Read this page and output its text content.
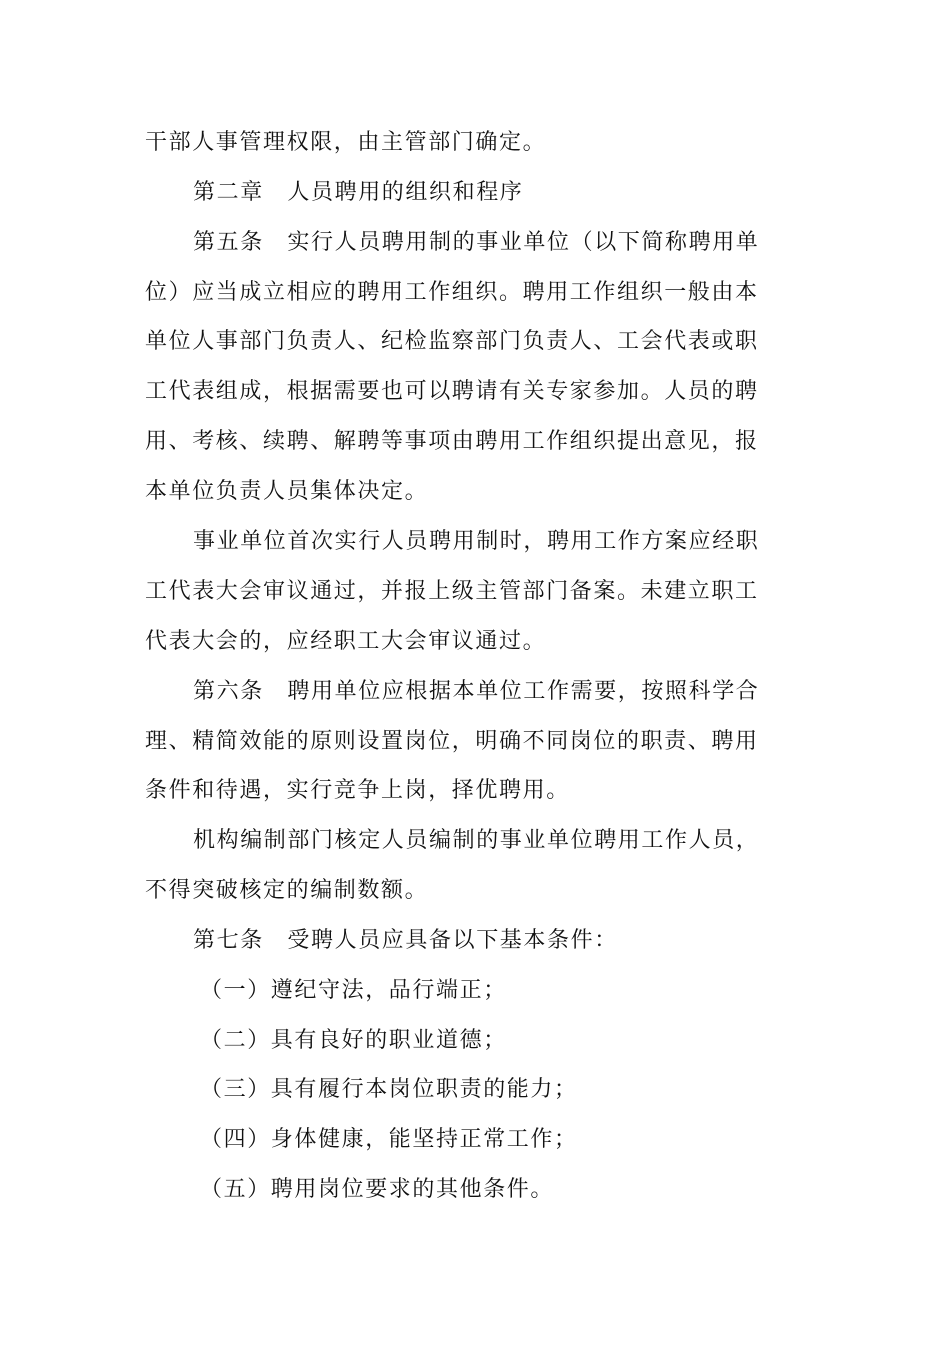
干部人事管理权限，由主管部门确定。
第二章　人员聘用的组织和程序
第五条　实行人员聘用制的事业单位（以下简称聘用单
位）应当成立相应的聘用工作组织。聘用工作组织一般由本
单位人事部门负责人、纪检监察部门负责人、工会代表或职
工代表组成，根据需要也可以聘请有关专家参加。人员的聘
用、考核、续聘、解聘等事项由聘用工作组织提出意见，报
本单位负责人员集体决定。
事业单位首次实行人员聘用制时，聘用工作方案应经职
工代表大会审议通过，并报上级主管部门备案。未建立职工
代表大会的，应经职工大会审议通过。
第六条　聘用单位应根据本单位工作需要，按照科学合
理、精简效能的原则设置岗位，明确不同岗位的职责、聘用
条件和待遇，实行竞争上岗，择优聘用。
机构编制部门核定人员编制的事业单位聘用工作人员，
不得突破核定的编制数额。
第七条　受聘人员应具备以下基本条件：
（一）遵纪守法，品行端正；
（二）具有良好的职业道德；
（三）具有履行本岗位职责的能力；
（四）身体健康，能坚持正常工作；
（五）聘用岗位要求的其他条件。
